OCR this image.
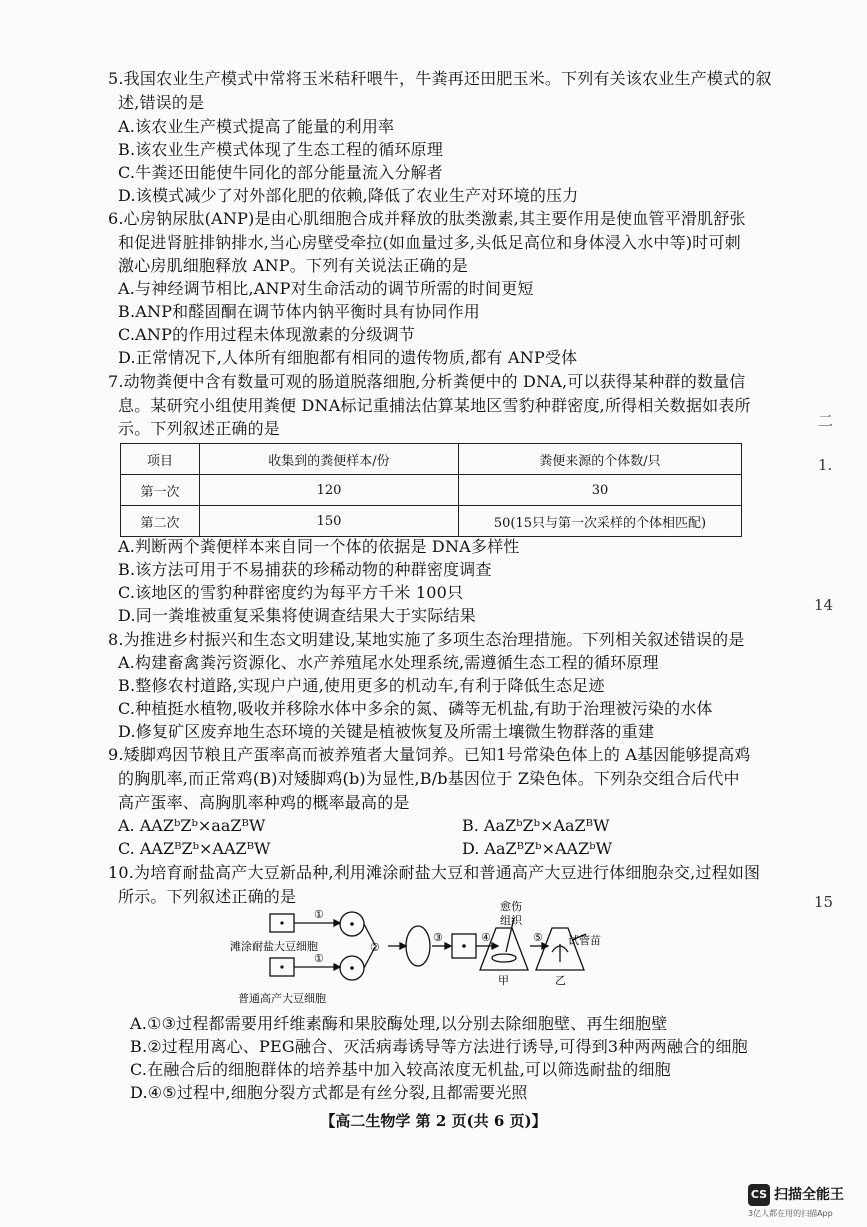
5.我国农业生产模式中常将玉米秸秆喂牛，牛粪再还田肥玉米。下列有关该农业生产模式的叙
述,错误的是
A.该农业生产模式提高了能量的利用率
B.该农业生产模式体现了生态工程的循环原理
C.牛粪还田能使牛同化的部分能量流入分解者
D.该模式减少了对外部化肥的依赖,降低了农业生产对环境的压力
6.心房钠尿肽(ANP)是由心肌细胞合成并释放的肽类激素,其主要作用是使血管平滑肌舒张
和促进肾脏排钠排水,当心房壁受牵拉(如血量过多,头低足高位和身体浸入水中等)时可刺
激心房肌细胞释放 ANP。下列有关说法正确的是
A.与神经调节相比,ANP对生命活动的调节所需的时间更短
B.ANP和醛固酮在调节体内钠平衡时具有协同作用
C.ANP的作用过程未体现激素的分级调节
D.正常情况下,人体所有细胞都有相同的遗传物质,都有 ANP受体
7.动物粪便中含有数量可观的肠道脱落细胞,分析粪便中的 DNA,可以获得某种群的数量信
息。某研究小组使用粪便 DNA标记重捕法估算某地区雪豹种群密度,所得相关数据如表所
示。下列叙述正确的是
项目	收集到的粪便样本/份	粪便来源的个体数/只
第一次	120	30
第二次	150	50(15只与第一次采样的个体相匹配)
A.判断两个粪便样本来自同一个体的依据是 DNA多样性
B.该方法可用于不易捕获的珍稀动物的种群密度调查
C.该地区的雪豹种群密度约为每平方千米 100只
D.同一粪堆被重复采集将使调查结果大于实际结果
8.为推进乡村振兴和生态文明建设,某地实施了多项生态治理措施。下列相关叙述错误的是
A.构建畜禽粪污资源化、水产养殖尾水处理系统,需遵循生态工程的循环原理
B.整修农村道路,实现户户通,使用更多的机动车,有利于降低生态足迹
C.种植挺水植物,吸收并移除水体中多余的氮、磷等无机盐,有助于治理被污染的水体
D.修复矿区废弃地生态环境的关键是植被恢复及所需土壤微生物群落的重建
9.矮脚鸡因节粮且产蛋率高而被养殖者大量饲养。已知1号常染色体上的 A基因能够提高鸡
的胸肌率,而正常鸡(B)对矮脚鸡(b)为显性,B/b基因位于 Z染色体。下列杂交组合后代中
高产蛋率、高胸肌率种鸡的概率最高的是
A. AAZᵇZᵇ×aaZᴮW	B. AaZᵇZᵇ×AaZᴮW
C. AAZᴮZᵇ×AAZᴮW	D. AaZᴮZᵇ×AAZᵇW
10.为培育耐盐高产大豆新品种,利用滩涂耐盐大豆和普通高产大豆进行体细胞杂交,过程如图
所示。下列叙述正确的是
①
①
②
③	④	⑤
滩涂耐盐大豆细胞
普通高产大豆细胞
愈伤
组织
试管苗
甲	乙
A.①③过程都需要用纤维素酶和果胶酶处理,以分别去除细胞壁、再生细胞壁
B.②过程用离心、PEG融合、灭活病毒诱导等方法进行诱导,可得到3种两两融合的细胞
C.在融合后的细胞群体的培养基中加入较高浓度无机盐,可以筛选耐盐的细胞
D.④⑤过程中,细胞分裂方式都是有丝分裂,且都需要光照
【高二生物学 第 2 页(共 6 页)】
二
1.
14
15
CS 扫描全能王
3亿人都在用的扫描App
